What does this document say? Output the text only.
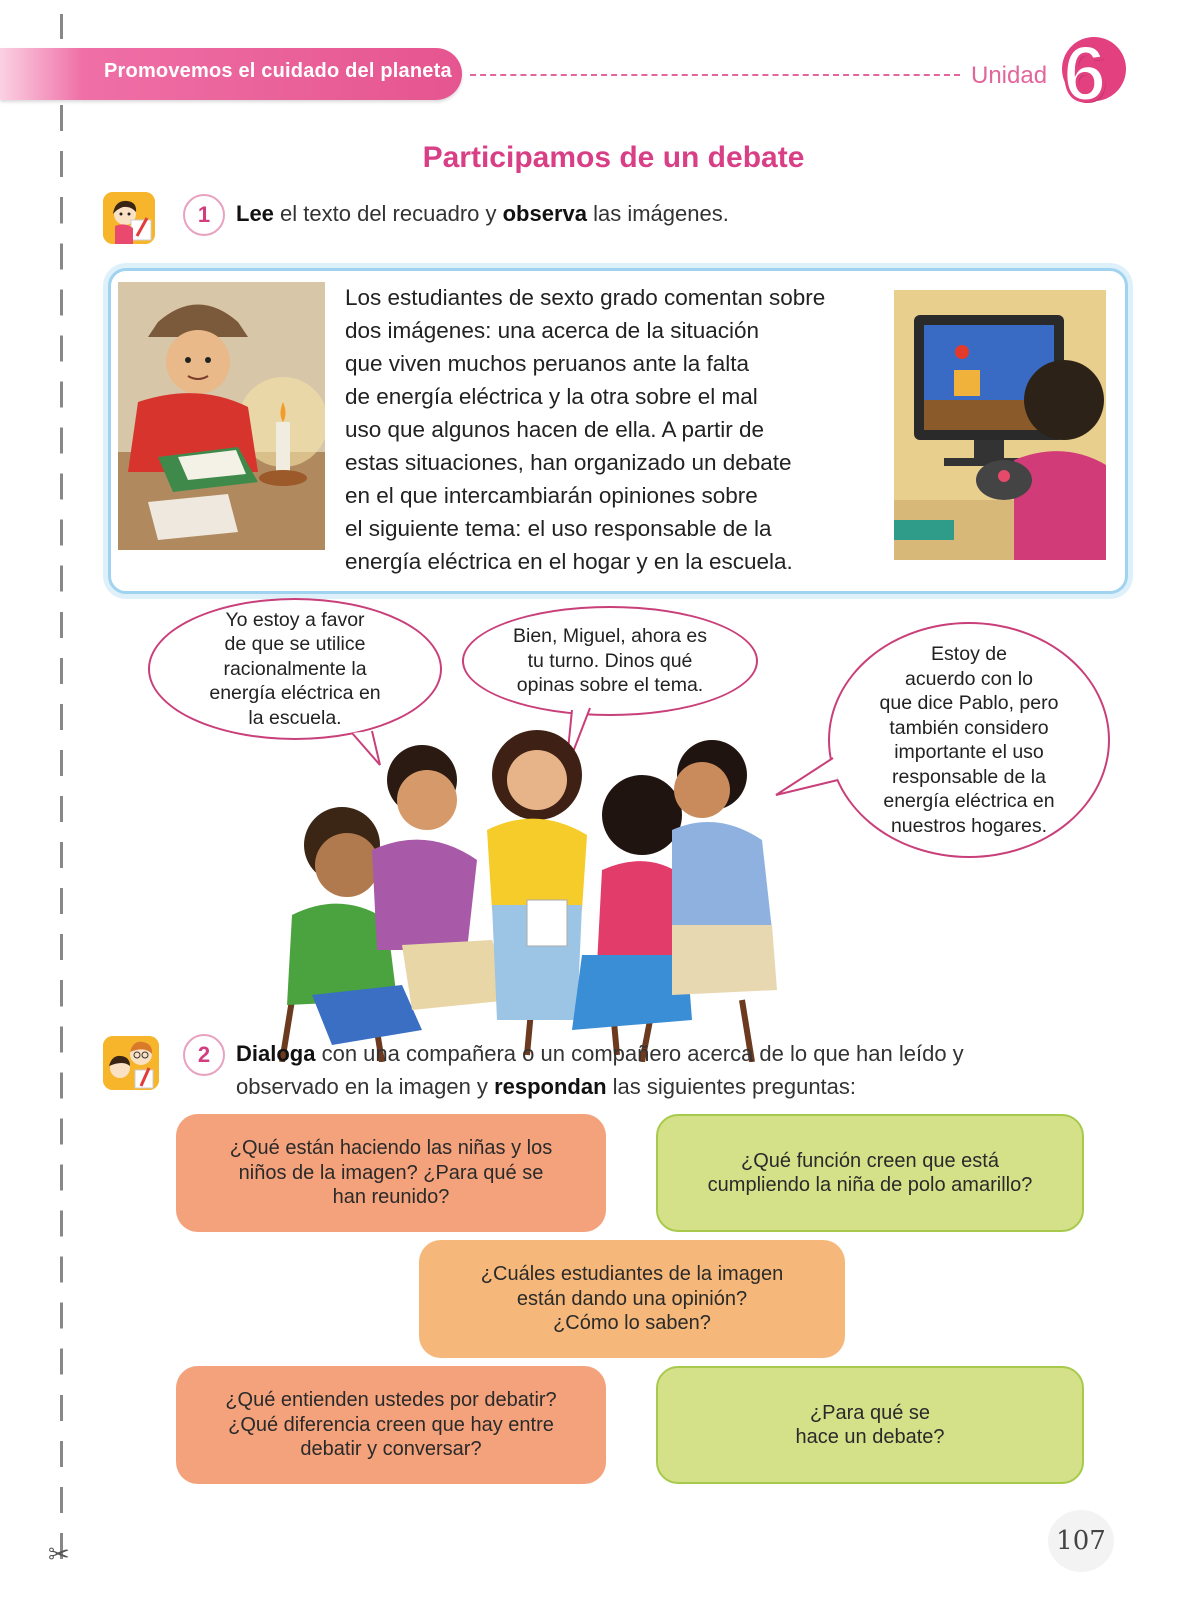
✂
Promovemos el cuidado del planeta	Unidad 6
Participamos de un debate
1	Lee el texto del recuadro y observa las imágenes.
Los estudiantes de sexto grado comentan sobre
dos imágenes: una acerca de la situación
que viven muchos peruanos ante la falta
de energía eléctrica y la otra sobre el mal
uso que algunos hacen de ella. A partir de
estas situaciones, han organizado un debate
en el que intercambiarán opiniones sobre
el siguiente tema: el uso responsable de la
energía eléctrica en el hogar y en la escuela.
Yo estoy a favor
de que se utilice
racionalmente la
energía eléctrica en
la escuela.
Bien, Miguel, ahora es
tu turno. Dinos qué
opinas sobre el tema.
Estoy de
acuerdo con lo
que dice Pablo, pero
también considero
importante el uso
responsable de la
energía eléctrica en
nuestros hogares.
2	Dialoga con una compañera o un compañero acerca de lo que han leído y
observado en la imagen y respondan las siguientes preguntas:
¿Qué están haciendo las niñas y los
niños de la imagen? ¿Para qué se
han reunido?
¿Qué función creen que está
cumpliendo la niña de polo amarillo?
¿Cuáles estudiantes de la imagen
están dando una opinión?
¿Cómo lo saben?
¿Qué entienden ustedes por debatir?
¿Qué diferencia creen que hay entre
debatir y conversar?
¿Para qué se
hace un debate?
107
